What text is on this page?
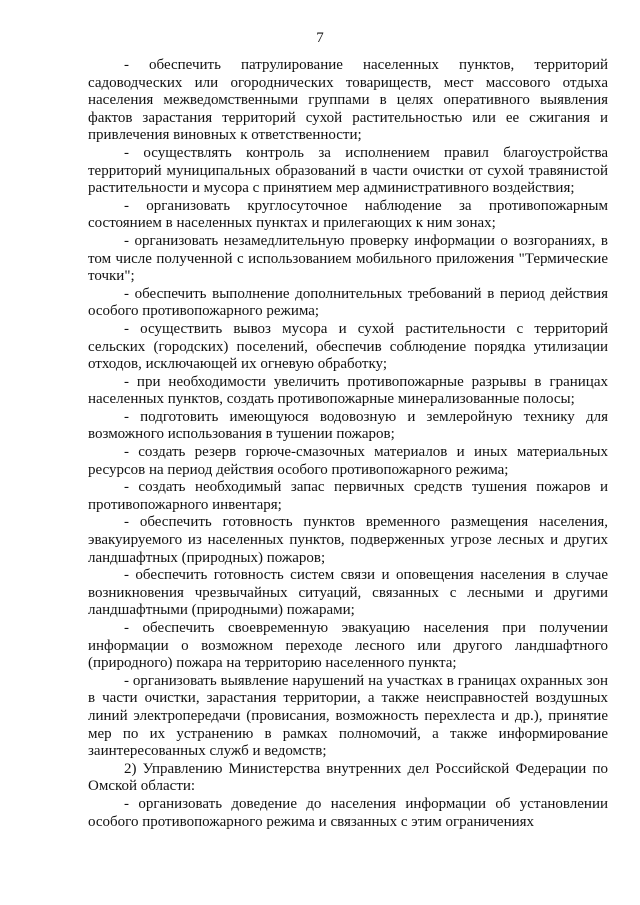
7

- обеспечить патрулирование населенных пунктов, территорий садоводческих или огороднических товариществ, мест массового отдыха населения межведомственными группами в целях оперативного выявления фактов зарастания территорий сухой растительностью или ее сжигания и привлечения виновных к ответственности;

- осуществлять контроль за исполнением правил благоустройства территорий муниципальных образований в части очистки от сухой травянистой растительности и мусора с принятием мер административного воздействия;

- организовать круглосуточное наблюдение за противопожарным состоянием в населенных пунктах и прилегающих к ним зонах;

- организовать незамедлительную проверку информации о возгораниях, в том числе полученной с использованием мобильного приложения "Термические точки";

- обеспечить выполнение дополнительных требований в период действия особого противопожарного режима;

- осуществить вывоз мусора и сухой растительности с территорий сельских (городских) поселений, обеспечив соблюдение порядка утилизации отходов, исключающей их огневую обработку;

- при необходимости увеличить противопожарные разрывы в границах населенных пунктов, создать противопожарные минерализованные полосы;

- подготовить имеющуюся водовозную и землеройную технику для возможного использования в тушении пожаров;

- создать резерв горюче-смазочных материалов и иных материальных ресурсов на период действия особого противопожарного режима;

- создать необходимый запас первичных средств тушения пожаров и противопожарного инвентаря;

- обеспечить готовность пунктов временного размещения населения, эвакуируемого из населенных пунктов, подверженных угрозе лесных и других ландшафтных (природных) пожаров;

- обеспечить готовность систем связи и оповещения населения в случае возникновения чрезвычайных ситуаций, связанных с лесными и другими ландшафтными (природными) пожарами;

- обеспечить своевременную эвакуацию населения при получении информации о возможном переходе лесного или другого ландшафтного (природного) пожара на территорию населенного пункта;

- организовать выявление нарушений на участках в границах охранных зон в части очистки, зарастания территории, а также неисправностей воздушных линий электропередачи (провисания, возможность перехлеста и др.), принятие мер по их устранению в рамках полномочий, а также информирование заинтересованных служб и ведомств;

2) Управлению Министерства внутренних дел Российской Федерации по Омской области:

- организовать доведение до населения информации об установлении особого противопожарного режима и связанных с этим ограничениях
